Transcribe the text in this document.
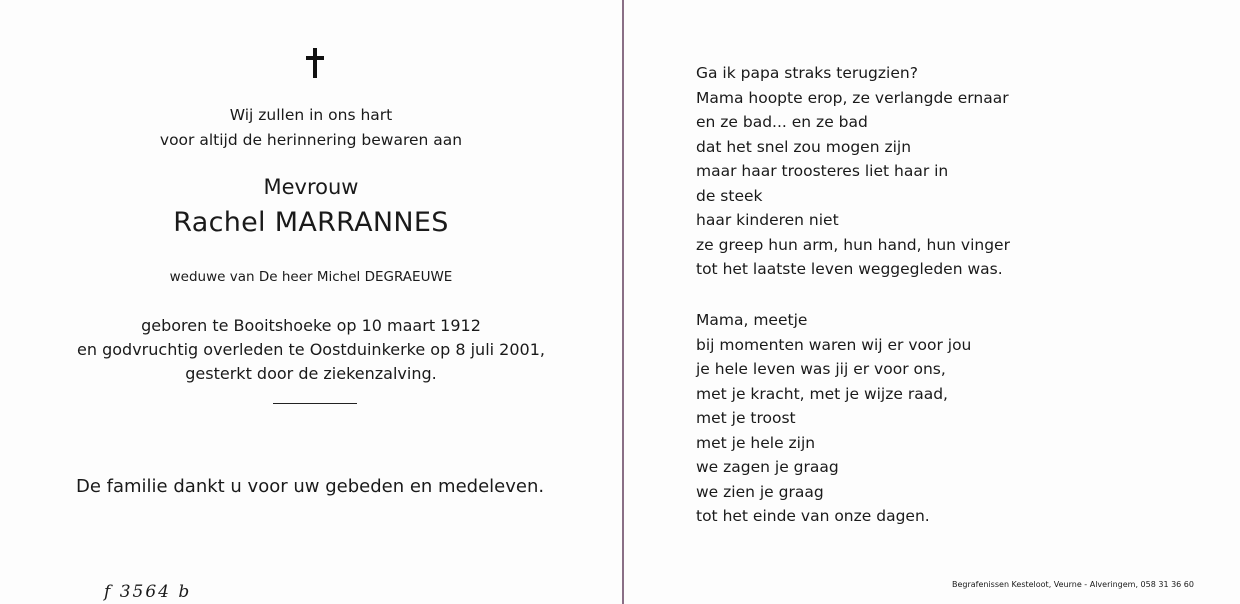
Wij zullen in ons hart
voor altijd de herinnering bewaren aan
Mevrouw
Rachel MARRANNES
weduwe van De heer Michel DEGRAEUWE
geboren te Booitshoeke op 10 maart 1912
en godvruchtig overleden te Oostduinkerke op 8 juli 2001,
gesterkt door de ziekenzalving.
De familie dankt u voor uw gebeden en medeleven.
f 3564 b
Ga ik papa straks terugzien?
Mama hoopte erop, ze verlangde ernaar
en ze bad... en ze bad
dat het snel zou mogen zijn
maar haar troosteres liet haar in
de steek
haar kinderen niet
ze greep hun arm, hun hand, hun vinger
tot het laatste leven weggegleden was.
Mama, meetje
bij momenten waren wij er voor jou
je hele leven was jij er voor ons,
met je kracht, met je wijze raad,
met je troost
met je hele zijn
we zagen je graag
we zien je graag
tot het einde van onze dagen.
Begrafenissen Kesteloot, Veurne - Alveringem, 058 31 36 60
